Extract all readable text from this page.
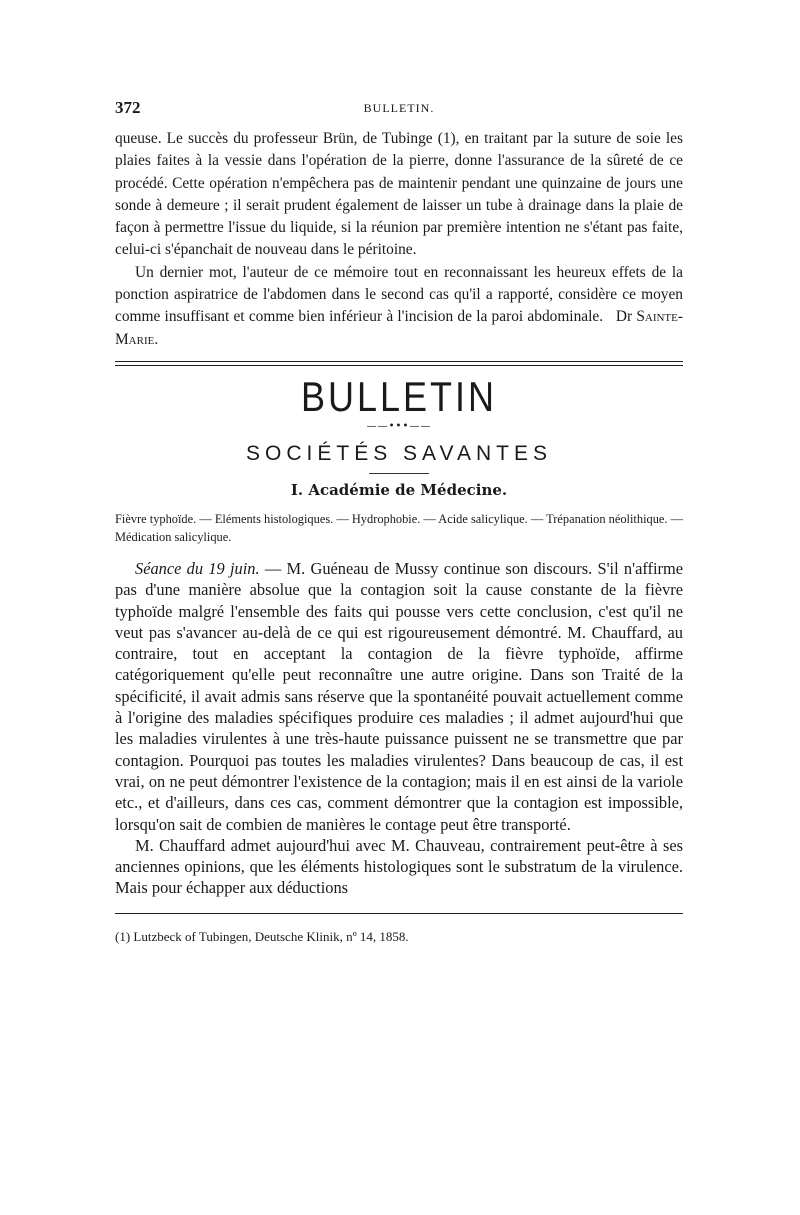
372	BULLETIN.

queuse. Le succès du professeur Brün, de Tubinge (1), en traitant par la suture de soie les plaies faites à la vessie dans l'opération de la pierre, donne l'assurance de la sûreté de ce procédé. Cette opération n'empêchera pas de maintenir pendant une quinzaine de jours une sonde à demeure ; il serait prudent également de laisser un tube à drainage dans la plaie de façon à permettre l'issue du liquide, si la réunion par première intention ne s'étant pas faite, celui-ci s'épanchait de nouveau dans le péritoine.

Un dernier mot, l'auteur de ce mémoire tout en reconnaissant les heureux effets de la ponction aspiratrice de l'abdomen dans le second cas qu'il a rapporté, considère ce moyen comme insuffisant et comme bien inférieur à l'incision de la paroi abdominale. Dr Sainte-Marie.

BULLETIN
——•••——
SOCIÉTÉS SAVANTES
I. Académie de Médecine.

Fièvre typhoïde. — Eléments histologiques. — Hydrophobie. — Acide salicylique. — Trépanation néolithique. — Médication salicylique.

Séance du 19 juin. — M. Guéneau de Mussy continue son discours. S'il n'affirme pas d'une manière absolue que la contagion soit la cause constante de la fièvre typhoïde malgré l'ensemble des faits qui pousse vers cette conclusion, c'est qu'il ne veut pas s'avancer au-delà de ce qui est rigoureusement démontré. M. Chauffard, au contraire, tout en acceptant la contagion de la fièvre typhoïde, affirme catégoriquement qu'elle peut reconnaître une autre origine. Dans son Traité de la spécificité, il avait admis sans réserve que la spontanéité pouvait actuellement comme à l'origine des maladies spécifiques produire ces maladies ; il admet aujourd'hui que les maladies virulentes à une très-haute puissance puissent ne se transmettre que par contagion. Pourquoi pas toutes les maladies virulentes? Dans beaucoup de cas, il est vrai, on ne peut démontrer l'existence de la contagion; mais il en est ainsi de la variole etc., et d'ailleurs, dans ces cas, comment démontrer que la contagion est impossible, lorsqu'on sait de combien de manières le contage peut être transporté.

M. Chauffard admet aujourd'hui avec M. Chauveau, contrairement peut-être à ses anciennes opinions, que les éléments histologiques sont le substratum de la virulence. Mais pour échapper aux déductions

(1) Lutzbeck of Tubingen, Deutsche Klinik, nº 14, 1858.
